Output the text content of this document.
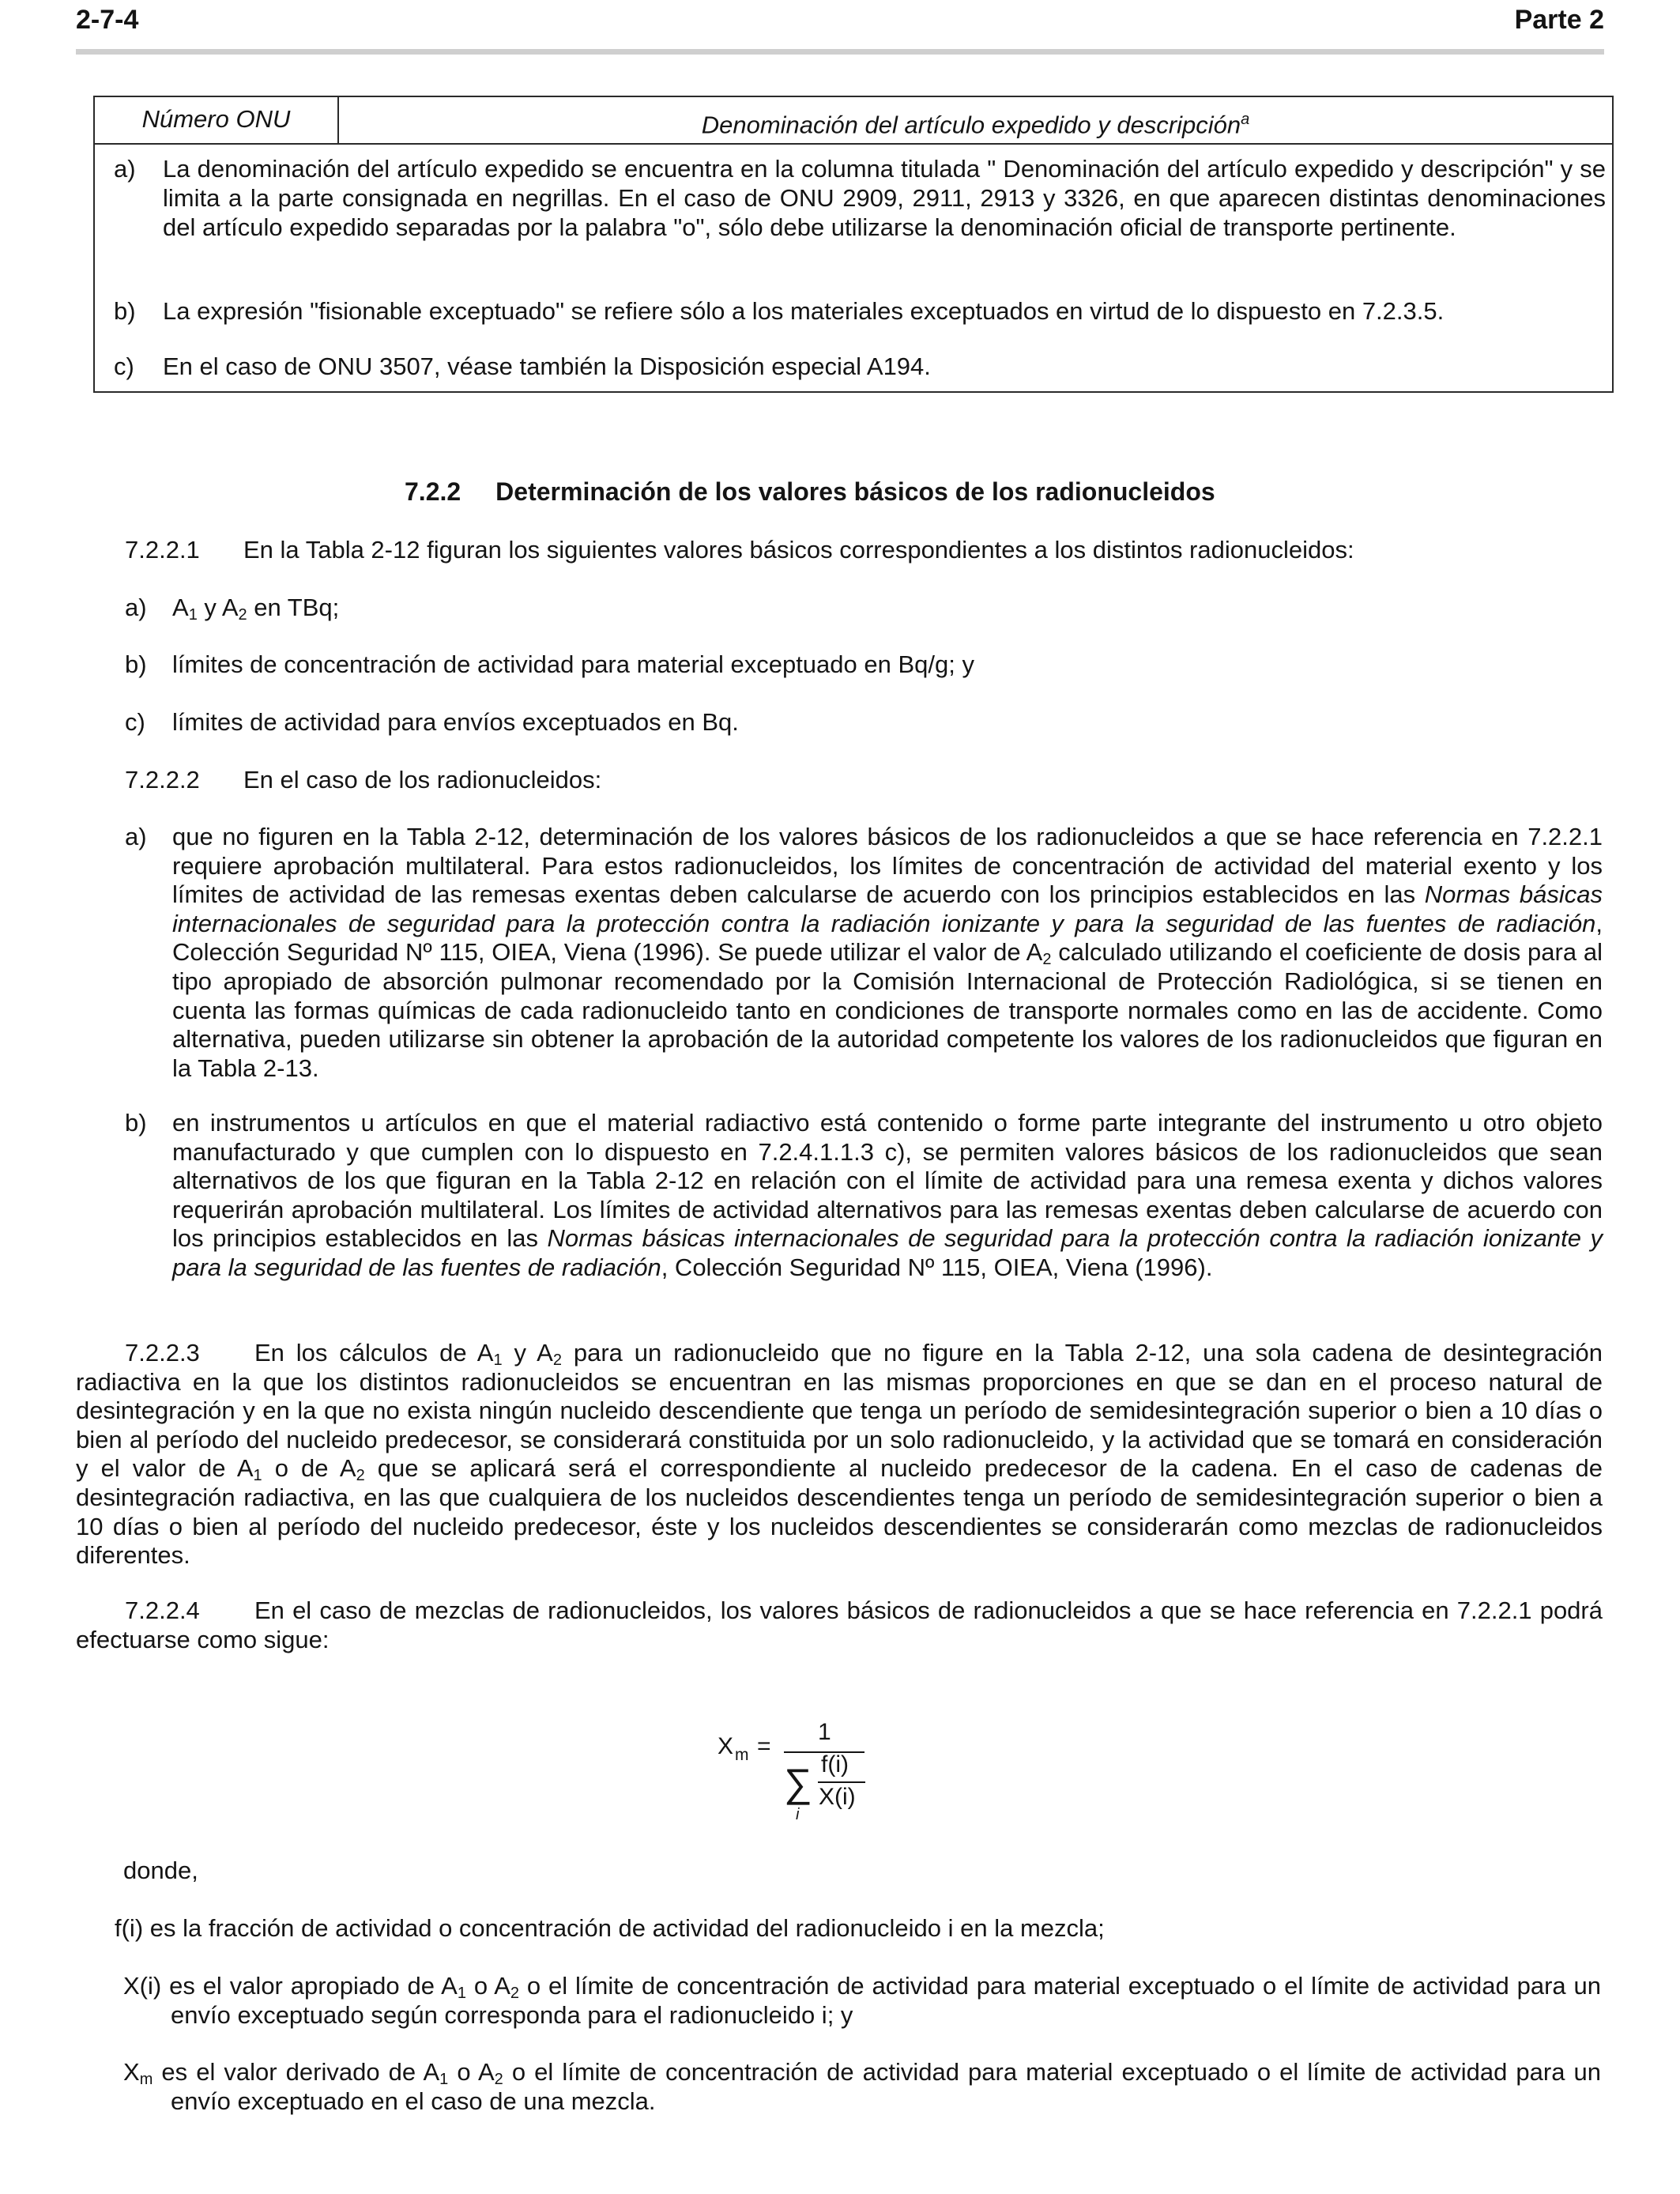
2-7-4	Parte 2
Número ONU	Denominación del artículo expedido y descripción$^a$
a) La denominación del artículo expedido se encuentra en la columna titulada " Denominación del artículo expedido y descripción" y se limita a la parte consignada en negrillas. En el caso de ONU 2909, 2911, 2913 y 3326, en que aparecen distintas denominaciones del artículo expedido separadas por la palabra "o", sólo debe utilizarse la denominación oficial de transporte pertinente.
b) La expresión "fisionable exceptuado" se refiere sólo a los materiales exceptuados en virtud de lo dispuesto en 7.2.3.5.
c) En el caso de ONU 3507, véase también la Disposición especial A194.
7.2.2 Determinación de los valores básicos de los radionucleidos
7.2.2.1 En la Tabla 2-12 figuran los siguientes valores básicos correspondientes a los distintos radionucleidos:
a) $A_1$ y $A_2$ en TBq;
b) límites de concentración de actividad para material exceptuado en Bq/g; y
c) límites de actividad para envíos exceptuados en Bq.
7.2.2.2 En el caso de los radionucleidos:
a) que no figuren en la Tabla 2-12, determinación de los valores básicos de los radionucleidos a que se hace referencia en 7.2.2.1 requiere aprobación multilateral. Para estos radionucleidos, los límites de concentración de actividad del material exento y los límites de actividad de las remesas exentas deben calcularse de acuerdo con los principios establecidos en las Normas básicas internacionales de seguridad para la protección contra la radiación ionizante y para la seguridad de las fuentes de radiación, Colección Seguridad Nº 115, OIEA, Viena (1996). Se puede utilizar el valor de $A_2$ calculado utilizando el coeficiente de dosis para al tipo apropiado de absorción pulmonar recomendado por la Comisión Internacional de Protección Radiológica, si se tienen en cuenta las formas químicas de cada radionucleido tanto en condiciones de transporte normales como en las de accidente. Como alternativa, pueden utilizarse sin obtener la aprobación de la autoridad competente los valores de los radionucleidos que figuran en la Tabla 2-13.
b) en instrumentos u artículos en que el material radiactivo está contenido o forme parte integrante del instrumento u otro objeto manufacturado y que cumplen con lo dispuesto en 7.2.4.1.1.3 c), se permiten valores básicos de los radionucleidos que sean alternativos de los que figuran en la Tabla 2-12 en relación con el límite de actividad para una remesa exenta y dichos valores requerirán aprobación multilateral. Los límites de actividad alternativos para las remesas exentas deben calcularse de acuerdo con los principios establecidos en las Normas básicas internacionales de seguridad para la protección contra la radiación ionizante y para la seguridad de las fuentes de radiación, Colección Seguridad Nº 115, OIEA, Viena (1996).
7.2.2.3 En los cálculos de $A_1$ y $A_2$ para un radionucleido que no figure en la Tabla 2-12, una sola cadena de desintegración radiactiva en la que los distintos radionucleidos se encuentran en las mismas proporciones en que se dan en el proceso natural de desintegración y en la que no exista ningún nucleido descendiente que tenga un período de semidesintegración superior o bien a 10 días o bien al período del nucleido predecesor, se considerará constituida por un solo radionucleido, y la actividad que se tomará en consideración y el valor de $A_1$ o de $A_2$ que se aplicará será el correspondiente al nucleido predecesor de la cadena. En el caso de cadenas de desintegración radiactiva, en las que cualquiera de los nucleidos descendientes tenga un período de semidesintegración superior o bien a 10 días o bien al período del nucleido predecesor, éste y los nucleidos descendientes se considerarán como mezclas de radionucleidos diferentes.
7.2.2.4 En el caso de mezclas de radionucleidos, los valores básicos de radionucleidos a que se hace referencia en 7.2.2.1 podrá efectuarse como sigue:
X m =
1
∑
i
f(i)
X(i)
donde,
f(i) es la fracción de actividad o concentración de actividad del radionucleido i en la mezcla;
X(i) es el valor apropiado de $A_1$ o $A_2$ o el límite de concentración de actividad para material exceptuado o el límite de actividad para un envío exceptuado según corresponda para el radionucleido i; y
$X_m$ es el valor derivado de $A_1$ o $A_2$ o el límite de concentración de actividad para material exceptuado o el límite de actividad para un envío exceptuado en el caso de una mezcla.
